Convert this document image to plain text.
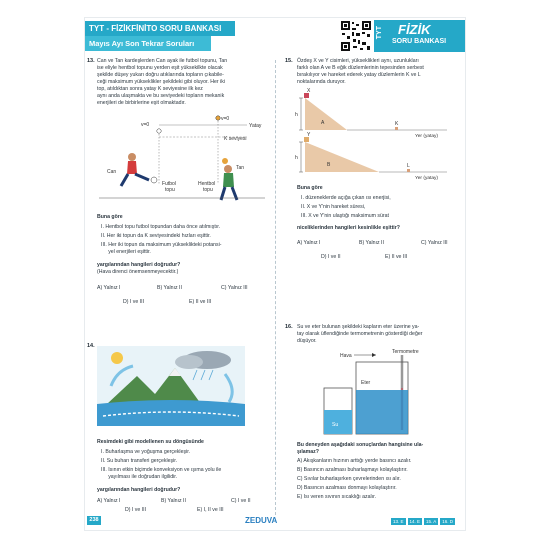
TYT - FİZİKFİNİTO SORU BANKASI
Mayıs Ayı Son Tekrar Soruları
TYT FİZİK
SORU BANKASI
13. Can ve Tan kardeşlerden Can ayak ile futbol topunu, Tan
ise eliyle hentbol topunu yerden eşit yüksekilkte olacak
şekilde düşey yukarı doğru atıklarında topların çıkabile-
ceği maksimum yükseklikler şekildeki gibi oluyor. Her iki
top, atıldıktan sonra yatay K seviyesine ilk kez
aynı anda ulaşmakta ve bu seviyedeki topların mekanik
enerjileri de birbirlerine eşit olmaktadır.
v=0
v=0
Yatay
K seviyesi
Can
Tan
Futbol
topu
Hentbol
topu
Buna göre
I. Hentbol topu futbol topundan daha önce atılmıştır.
II. Her iki topun da K seviyesindeki hızları eşittir.
III. Her iki topun da maksimum yükseklikteki potansi-
yel enerjileri eşittir.
yargılarından hangileri doğrudur?
(Hava direnci önemsenmeyecektir.)
A) Yalnız I	B) Yalnız II	C) Yalnız III
D) I ve III	E) II ve III
14.
Resimdeki gibi modellenen su döngüsünde
I. Buharlaşma ve yoğuşma gerçekleşir.
II. Su buharı transferi gerçekleşir.
III. Isının etkin biçimde konveksiyon ve ışıma yolu ile
yayılması ile doğrudan ilgilidir.
yargılarından hangileri doğrudur?
A) Yalnız I	B) Yalnız II	C) I ve II
15. Özdeş X ve Y cisimleri, yükseklikleri aynı, uzunlukları
farklı olan A ve B eğik düzlemlerinin tepesinden serbest
bırakılıyor ve hareket ederek yatay düzlemlerin K ve L
noktalarında duruyor.
h
X
A	K
Yer (yatay)
h
Y
B	L
Yer (yatay)
Buna göre
I. düzeneklerde açığa çıkan ısı enerjisi,
II. X ve Y'nin hareket süresi,
III. X ve Y'nin ulaştığı maksimum sürat
niceliklerinden hangileri kesinlikle eşittir?
A) Yalnız I	B) Yalnız II	C) Yalnız III
D) I ve II	E) II ve III
16. Su ve eter bulunan şekildeki kapların eter üzerine ya-
tay olarak üflendiğinde termometrenin gösterdiği değer
düşüyor.
Hava
Termometre
Eter
Su
Bu deneyden aşağıdaki sonuçlardan hangisine ula-
şılamaz?
A) Akışkanların hızının arttığı yerde basıncı azalır.
B) Basıncın azalması buharlaşmayı kolaylaştırır.
C) Sıvılar buharlaşırken çevrelerinden ısı alır.
D) Basıncın azalması donmayı kolaylaştırır.
E) Isı veren sıvının sıcaklığı azalır.
D) I ve III	E) I, II ve III
238	ZEDUVA	13. E 14. E 15. A 16. D
